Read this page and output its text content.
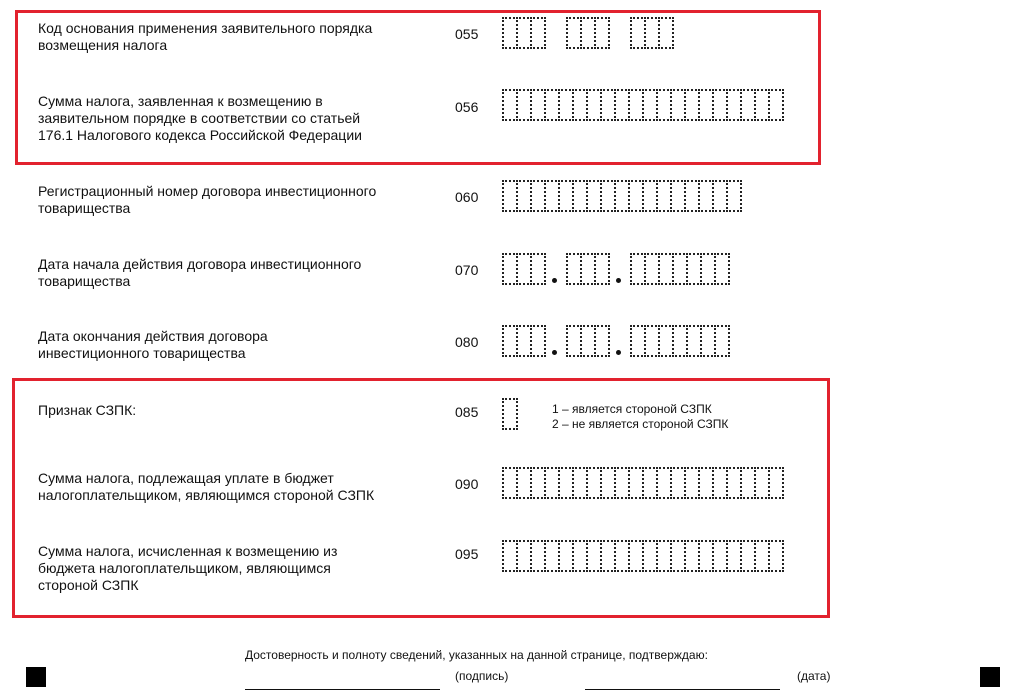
Код основания применения заявительного порядка
возмещения налога
055
Сумма налога, заявленная к возмещению в
заявительном порядке в соответствии со статьей
176.1 Налогового кодекса Российской Федерации
056
Регистрационный номер договора инвестиционного
товарищества
060
Дата начала действия договора инвестиционного
товарищества
070
Дата окончания действия договора
инвестиционного товарищества
080
Признак СЗПК:	085	1 – является стороной СЗПК
2 – не является стороной СЗПК
Сумма налога, подлежащая уплате в бюджет
налогоплательщиком, являющимся стороной СЗПК
090
Сумма налога, исчисленная к возмещению из
бюджета налогоплательщиком, являющимся
стороной СЗПК
095
Достоверность и полноту сведений, указанных на данной странице, подтверждаю:
(подпись)	(дата)
